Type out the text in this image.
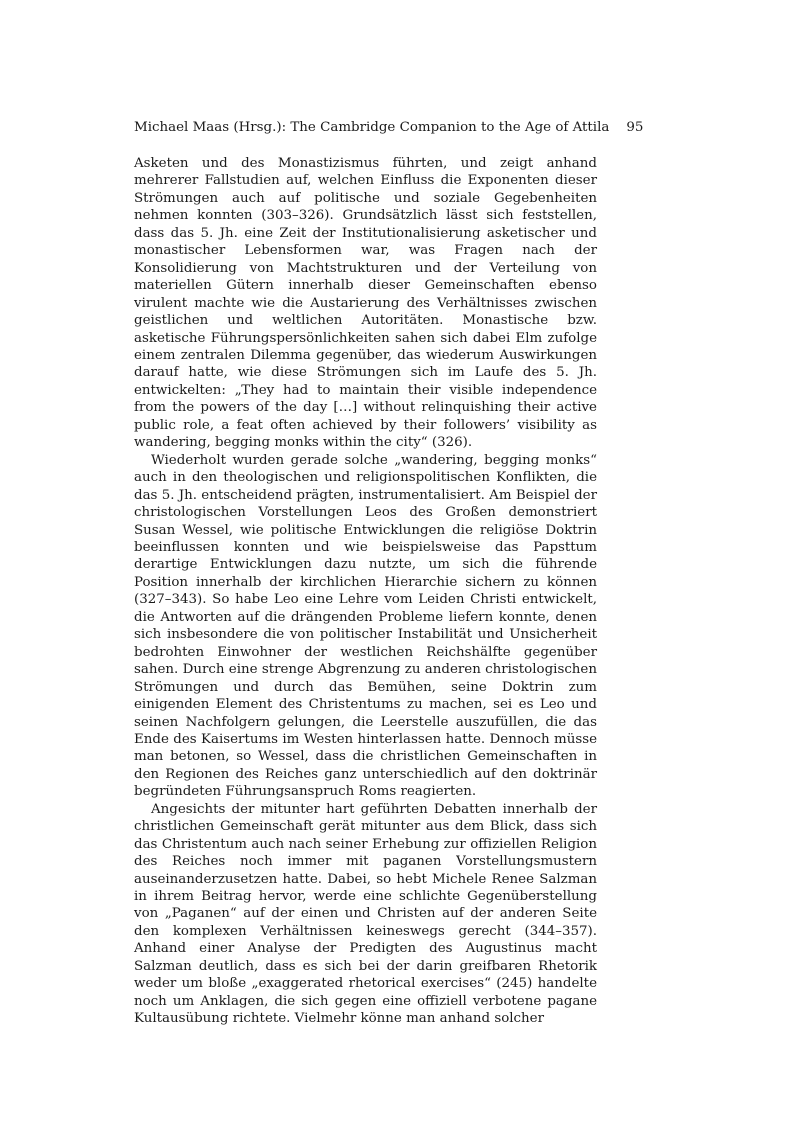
Michael Maas (Hrsg.): The Cambridge Companion to the Age of Attila 95

Asketen und des Monastizismus führten, und zeigt anhand mehrerer Fallstudien auf, welchen Einfluss die Exponenten dieser Strömungen auch auf politische und soziale Gegebenheiten nehmen konnten (303–326). Grundsätzlich lässt sich feststellen, dass das 5. Jh. eine Zeit der Institutionalisierung asketischer und monastischer Lebensformen war, was Fragen nach der Konsolidierung von Machtstrukturen und der Verteilung von materiellen Gütern innerhalb dieser Gemeinschaften ebenso virulent machte wie die Austarierung des Verhältnisses zwischen geistlichen und weltlichen Autoritäten. Monastische bzw. asketische Führungspersönlichkeiten sahen sich dabei Elm zufolge einem zentralen Dilemma gegenüber, das wiederum Auswirkungen darauf hatte, wie diese Strömungen sich im Laufe des 5. Jh. entwickelten: „They had to maintain their visible independence from the powers of the day […] without relinquishing their active public role, a feat often achieved by their followers’ visibility as wandering, begging monks within the city“ (326).

Wiederholt wurden gerade solche „wandering, begging monks“ auch in den theologischen und religionspolitischen Konflikten, die das 5. Jh. entscheidend prägten, instrumentalisiert. Am Beispiel der christologischen Vorstellungen Leos des Großen demonstriert Susan Wessel, wie politische Entwicklungen die religiöse Doktrin beeinflussen konnten und wie beispielsweise das Papsttum derartige Entwicklungen dazu nutzte, um sich die führende Position innerhalb der kirchlichen Hierarchie sichern zu können (327–343). So habe Leo eine Lehre vom Leiden Christi entwickelt, die Antworten auf die drängenden Probleme liefern konnte, denen sich insbesondere die von politischer Instabilität und Unsicherheit bedrohten Einwohner der westlichen Reichshälfte gegenüber sahen. Durch eine strenge Abgrenzung zu anderen christologischen Strömungen und durch das Bemühen, seine Doktrin zum einigenden Element des Christentums zu machen, sei es Leo und seinen Nachfolgern gelungen, die Leerstelle auszufüllen, die das Ende des Kaisertums im Westen hinterlassen hatte. Dennoch müsse man betonen, so Wessel, dass die christlichen Gemeinschaften in den Regionen des Reiches ganz unterschiedlich auf den doktrinär begründeten Führungsanspruch Roms reagierten.

Angesichts der mitunter hart geführten Debatten innerhalb der christlichen Gemeinschaft gerät mitunter aus dem Blick, dass sich das Christentum auch nach seiner Erhebung zur offiziellen Religion des Reiches noch immer mit paganen Vorstellungsmustern auseinanderzusetzen hatte. Dabei, so hebt Michele Renee Salzman in ihrem Beitrag hervor, werde eine schlichte Gegenüberstellung von „Paganen“ auf der einen und Christen auf der anderen Seite den komplexen Verhältnissen keineswegs gerecht (344–357). Anhand einer Analyse der Predigten des Augustinus macht Salzman deutlich, dass es sich bei der darin greifbaren Rhetorik weder um bloße „exaggerated rhetorical exercises“ (245) handelte noch um Anklagen, die sich gegen eine offiziell verbotene pagane Kultausübung richtete. Vielmehr könne man anhand solcher
